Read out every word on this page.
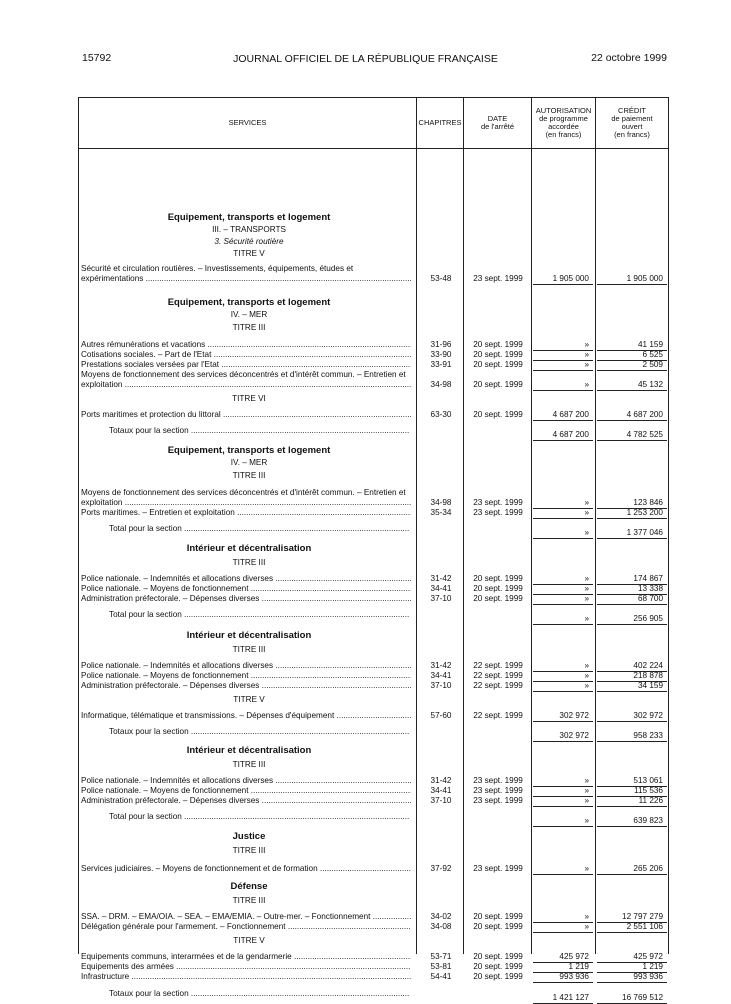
15792	JOURNAL OFFICIEL DE LA RÉPUBLIQUE FRANÇAISE	22 octobre 1999
SERVICES	CHAPITRES	DATE
de l'arrêté
AUTORISATION
de programme
accordée
(en francs)
CRÉDIT
de paiement
ouvert
(en francs)
Equipement, transports et logement
III. – TRANSPORTS
3. Sécurité routière
TITRE V
Sécurité et circulation routières. – Investissements, équipements, études et
expérimentations .....	53-48	23 sept. 1999	1 905 000	1 905 000
Equipement, transports et logement
IV. – MER
TITRE III
Autres rémunérations et vacations .....	31-96	20 sept. 1999	»	41 159
Cotisations sociales. – Part de l'Etat .....	33-90	20 sept. 1999	»	6 525
Prestations sociales versées par l'Etat .....	33-91	20 sept. 1999	»	2 509
Moyens de fonctionnement des services déconcentrés et d'intérêt commun. – Entretien et
exploitation .....	34-98	20 sept. 1999	»	45 132
TITRE VI
Ports maritimes et protection du littoral .....	63-30	20 sept. 1999	4 687 200	4 687 200
Totaux pour la section .....	4 687 200	4 782 525
Equipement, transports et logement
IV. – MER
TITRE III
Moyens de fonctionnement des services déconcentrés et d'intérêt commun. – Entretien et
exploitation .....	34-98	23 sept. 1999	»	123 846
Ports maritimes. – Entretien et exploitation .....	35-34	23 sept. 1999	»	1 253 200
Total pour la section .....	»	1 377 046
Intérieur et décentralisation
TITRE III
Police nationale. – Indemnités et allocations diverses .....	31-42	20 sept. 1999	»	174 867
Police nationale. – Moyens de fonctionnement .....	34-41	20 sept. 1999	»	13 338
Administration préfectorale. – Dépenses diverses .....	37-10	20 sept. 1999	»	68 700
Total pour la section .....	»	256 905
Intérieur et décentralisation
TITRE III
Police nationale. – Indemnités et allocations diverses .....	31-42	22 sept. 1999	»	402 224
Police nationale. – Moyens de fonctionnement .....	34-41	22 sept. 1999	»	218 878
Administration préfectorale. – Dépenses diverses .....	37-10	22 sept. 1999	»	34 159
TITRE V
Informatique, télématique et transmissions. – Dépenses d'équipement .....	57-60	22 sept. 1999	302 972	302 972
Totaux pour la section .....	302 972	958 233
Intérieur et décentralisation
TITRE III
Police nationale. – Indemnités et allocations diverses .....	31-42	23 sept. 1999	»	513 061
Police nationale. – Moyens de fonctionnement .....	34-41	23 sept. 1999	»	115 536
Administration préfectorale. – Dépenses diverses .....	37-10	23 sept. 1999	»	11 226
Total pour la section .....	»	639 823
Justice
TITRE III
Services judiciaires. – Moyens de fonctionnement et de formation .....	37-92	23 sept. 1999	»	265 206
Défense
TITRE III
SSA. – DRM. – EMA/OIA. – SEA. – EMA/EMIA. – Outre-mer. – Fonctionnement .....	34-02	20 sept. 1999	»	12 797 279
Délégation générale pour l'armement. – Fonctionnement .....	34-08	20 sept. 1999	»	2 551 106
TITRE V
Equipements communs, interarmées et de la gendarmerie .....	53-71	20 sept. 1999	425 972	425 972
Equipements des armées .....	53-81	20 sept. 1999	1 219	1 219
Infrastructure .....	54-41	20 sept. 1999	993 936	993 936
Totaux pour la section .....	1 421 127	16 769 512
